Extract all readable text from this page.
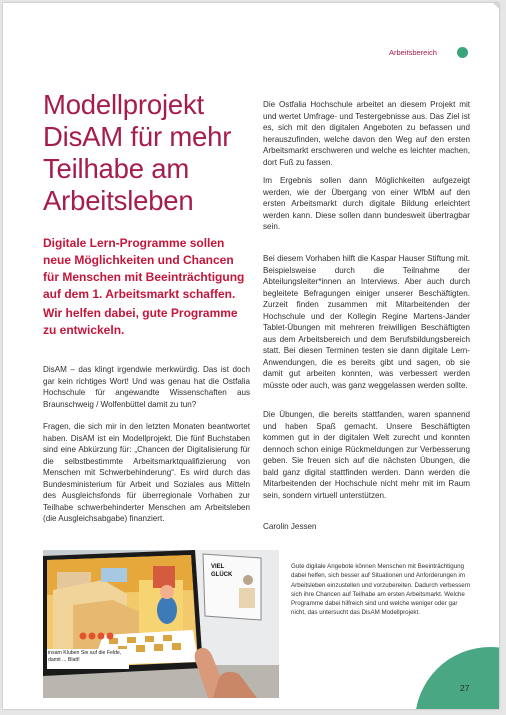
Arbeitsbereich
Modellprojekt DisAM für mehr Teilhabe am Arbeitsleben

Digitale Lern-Programme sollen neue Möglichkeiten und Chancen für Menschen mit Beeinträchtigung auf dem 1. Arbeitsmarkt schaffen.

Wir helfen dabei, gute Programme zu entwickeln.

DisAM – das klingt irgendwie merkwürdig. Das ist doch gar kein richtiges Wort! Und was genau hat die Ostfalia Hochschule für angewandte Wissenschaften aus Braunschweig / Wolfenbüttel damit zu tun?

Fragen, die sich mir in den letzten Monaten beantwortet haben. DisAM ist ein Modellprojekt. Die fünf Buchstaben sind eine Abkürzung für: „Chancen der Digitalisierung für die selbstbestimmte Arbeitsmarktqualifizierung von Menschen mit Schwerbehinderung“. Es wird durch das Bundesministerium für Arbeit und Soziales aus Mitteln des Ausgleichsfonds für überregionale Vorhaben zur Teilhabe schwerbehinderter Menschen am Arbeitsleben (die Ausgleichsabgabe) finanziert.

Die Ostfalia Hochschule arbeitet an diesem Projekt mit und wertet Umfrage- und Testergebnisse aus. Das Ziel ist es, sich mit den digitalen Angeboten zu befassen und herauszufinden, welche davon den Weg auf den ersten Arbeitsmarkt erschweren und welche es leichter machen, dort Fuß zu fassen.

Im Ergebnis sollen dann Möglichkeiten aufgezeigt werden, wie der Übergang von einer WfbM auf den ersten Arbeitsmarkt durch digitale Bildung erleichtert werden kann. Diese sollen dann bundesweit übertragbar sein.

Bei diesem Vorhaben hilft die Kaspar Hauser Stiftung mit. Beispielsweise durch die Teilnahme der Abteilungsleiter*innen an Interviews. Aber auch durch begleitete Befragungen einiger unserer Beschäftigten. Zurzeit finden zusammen mit Mitarbeitenden der Hochschule und der Kollegin Regine Martens-Jander Tablet-Übungen mit mehreren freiwilligen Beschäftigten aus dem Arbeitsbereich und dem Berufsbildungsbereich statt. Bei diesen Terminen testen sie dann digitale Lern-Anwendungen, die es bereits gibt und sagen, ob sie damit gut arbeiten konnten, was verbessert werden müsste oder auch, was ganz weggelassen werden sollte.

Die Übungen, die bereits stattfanden, waren spannend und haben Spaß gemacht. Unsere Beschäftigten kommen gut in der digitalen Welt zurecht und konnten dennoch schon einige Rückmeldungen zur Verbesserung geben. Sie freuen sich auf die nächsten Übungen, die bald ganz digital stattfinden werden. Dann werden die Mitarbeitenden der Hochschule nicht mehr mit im Raum sein, sondern virtuell unterstützen.

Carolin Jessen

insam Kluben Sie auf die Felde, damit ... Blatt!
VIEL GLÜCK

Gute digitale Angebote können Menschen mit Beeinträchtigung dabei helfen, sich besser auf Situationen und Anforderungen im Arbeitsleben einzustellen und vorzubereiten. Dadurch verbessern sich ihre Chancen auf Teilhabe am ersten Arbeitsmarkt. Welche Programme dabei hilfreich sind und welche weniger oder gar nicht, das untersucht das DisAM Modellprojekt.

27
